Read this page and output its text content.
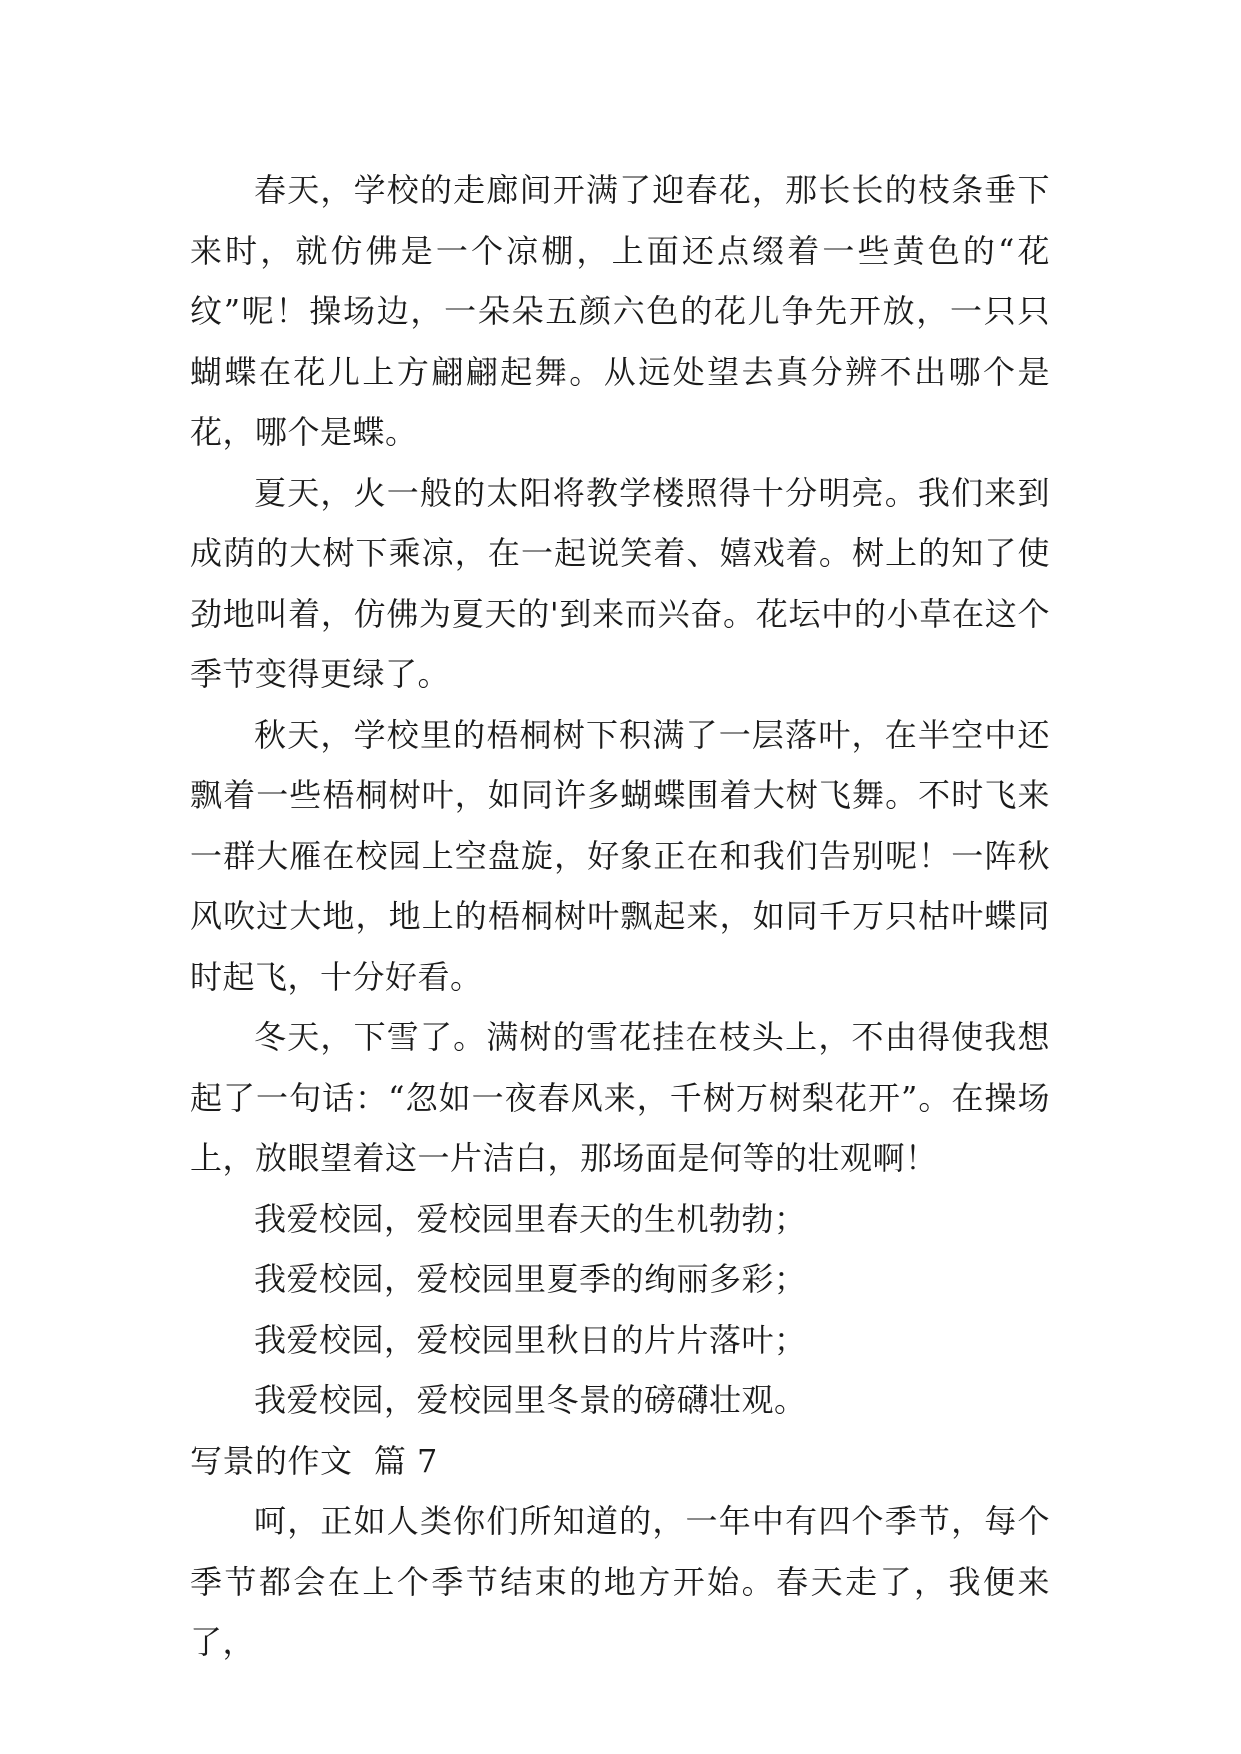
春天，学校的走廊间开满了迎春花，那长长的枝条垂下来时，就仿佛是一个凉棚，上面还点缀着一些黄色的“花纹”呢！操场边，一朵朵五颜六色的花儿争先开放，一只只蝴蝶在花儿上方翩翩起舞。从远处望去真分辨不出哪个是花，哪个是蝶。

夏天，火一般的太阳将教学楼照得十分明亮。我们来到成荫的大树下乘凉，在一起说笑着、嬉戏着。树上的知了使劲地叫着，仿佛为夏天的'到来而兴奋。花坛中的小草在这个季节变得更绿了。

秋天，学校里的梧桐树下积满了一层落叶，在半空中还飘着一些梧桐树叶，如同许多蝴蝶围着大树飞舞。不时飞来一群大雁在校园上空盘旋，好象正在和我们告别呢！一阵秋风吹过大地，地上的梧桐树叶飘起来，如同千万只枯叶蝶同时起飞，十分好看。

冬天，下雪了。满树的雪花挂在枝头上，不由得使我想起了一句话：“忽如一夜春风来，千树万树梨花开”。在操场上，放眼望着这一片洁白，那场面是何等的壮观啊！

我爱校园，爱校园里春天的生机勃勃；

我爱校园，爱校园里夏季的绚丽多彩；

我爱校园，爱校园里秋日的片片落叶；

我爱校园，爱校园里冬景的磅礴壮观。

写景的作文  篇 7

呵，正如人类你们所知道的，一年中有四个季节，每个季节都会在上个季节结束的地方开始。春天走了，我便来了，
